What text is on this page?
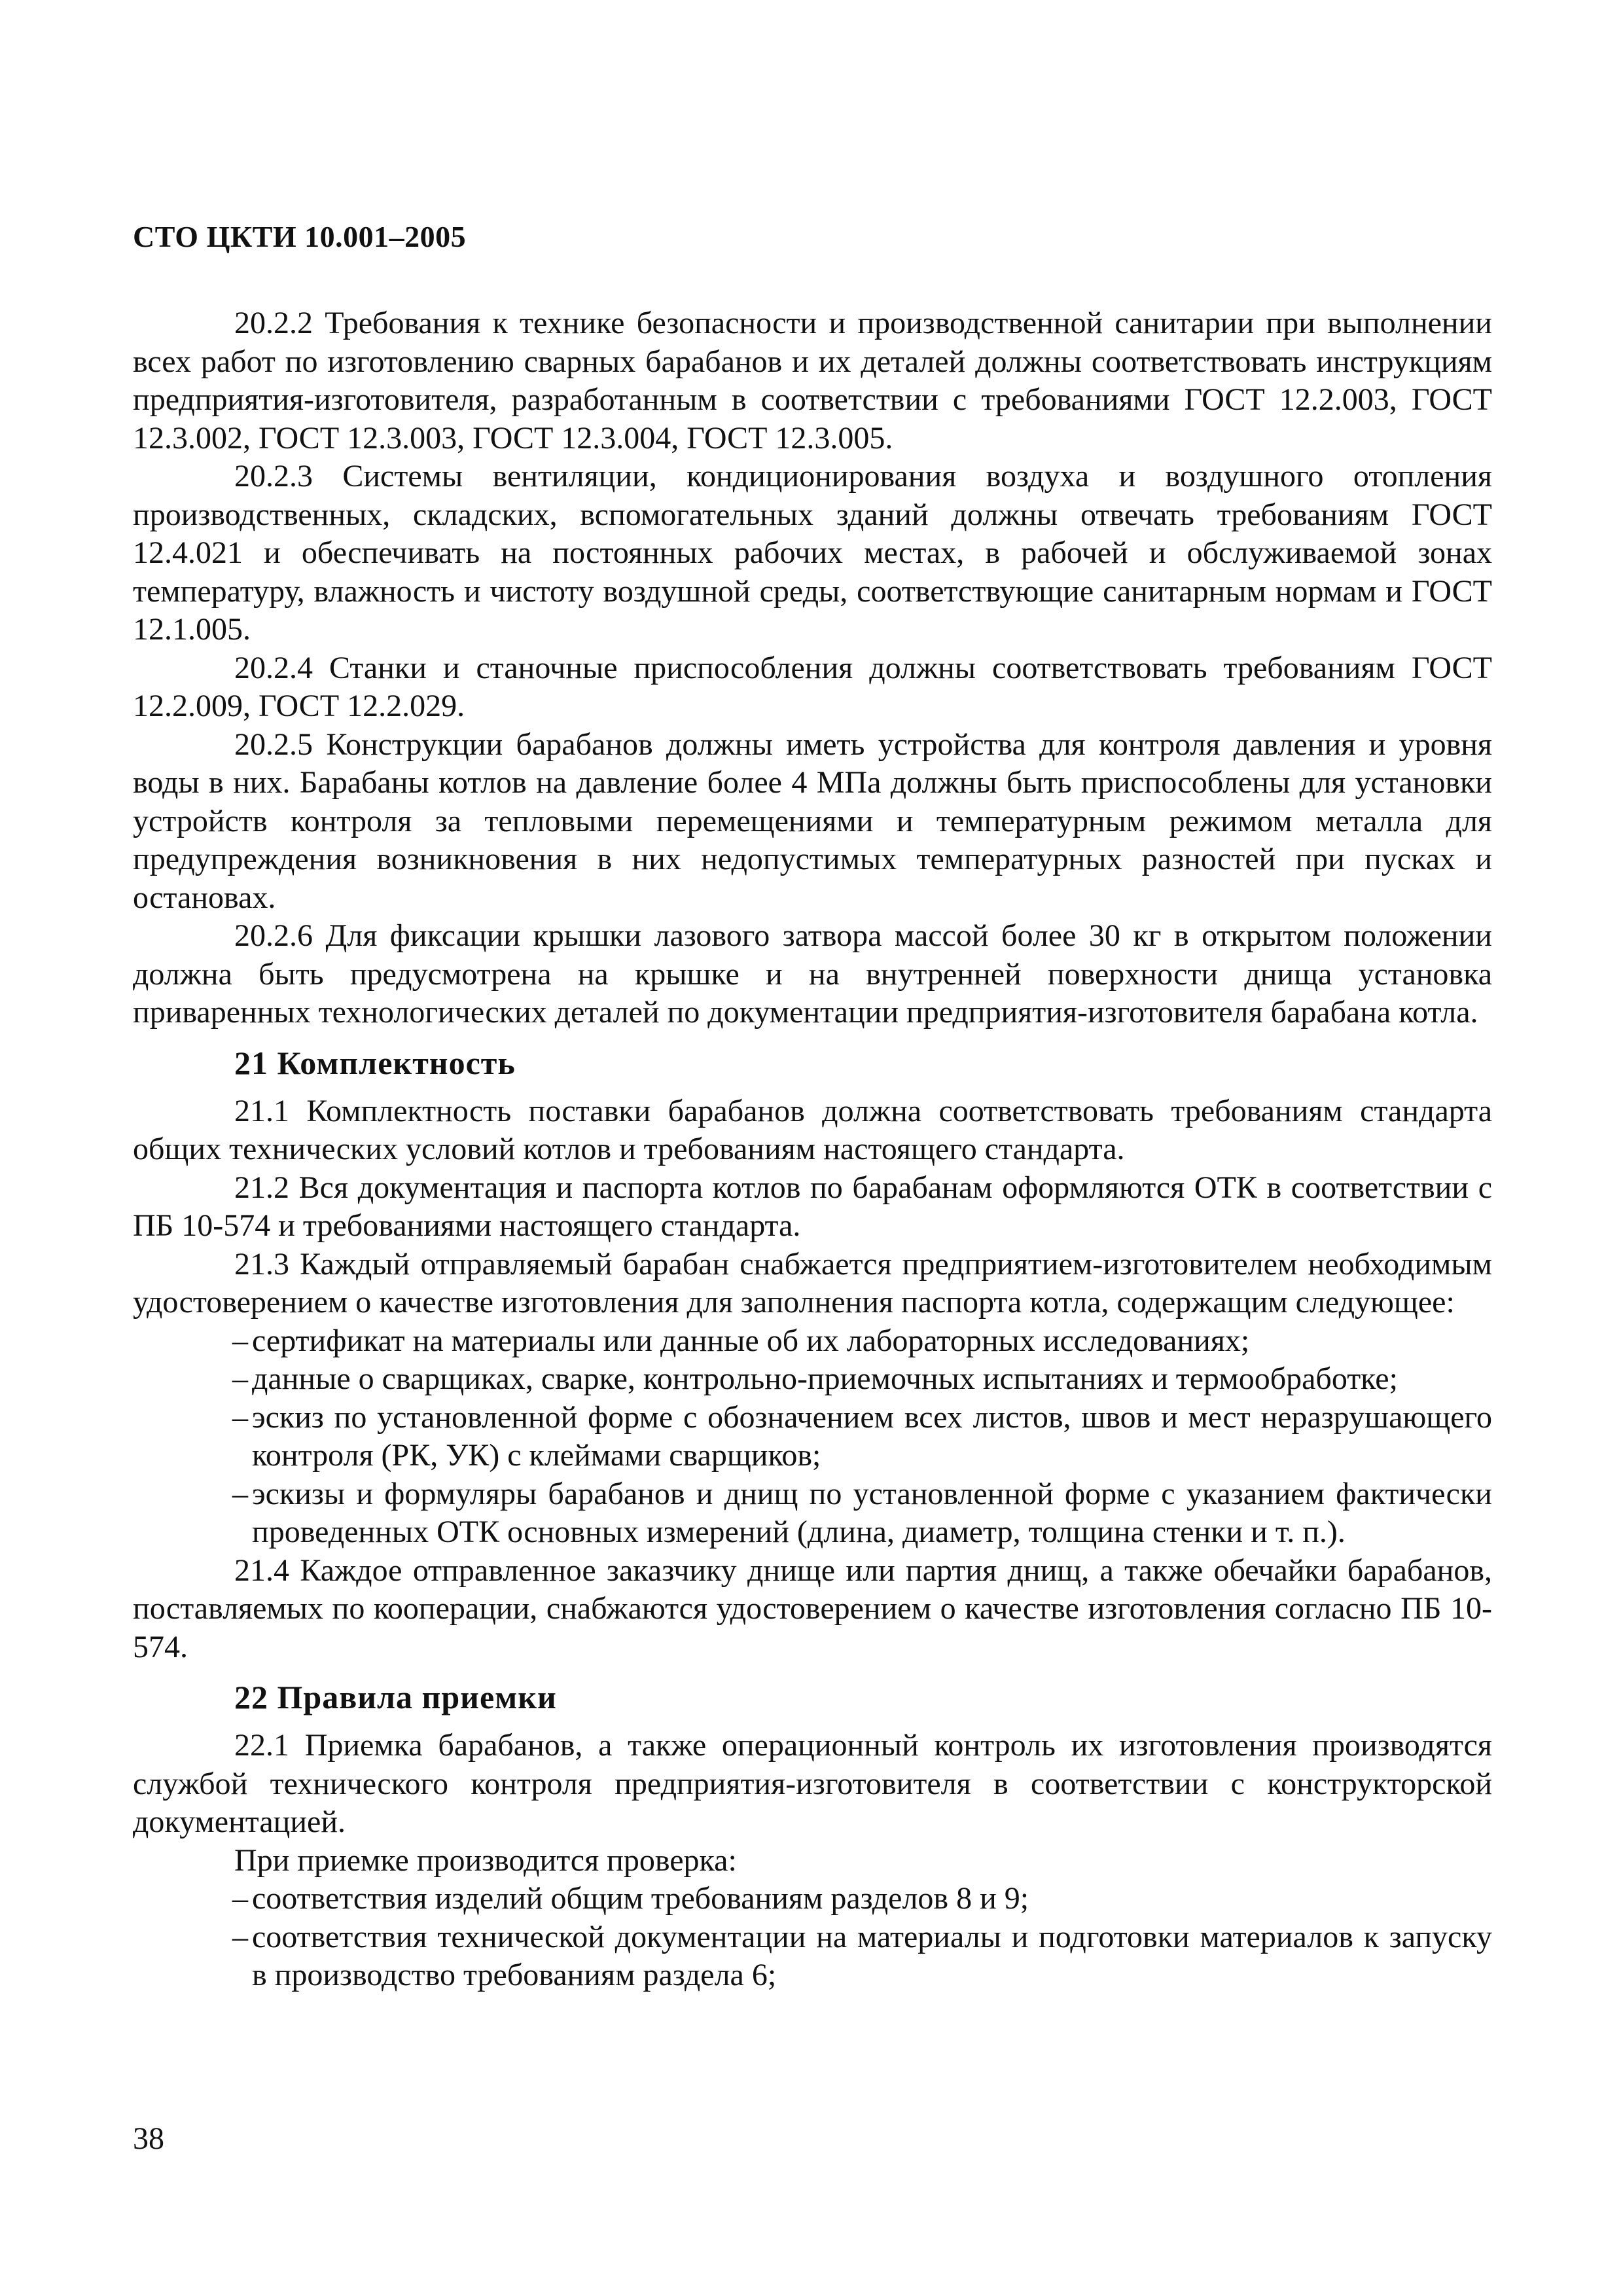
СТО ЦКТИ 10.001–2005

20.2.2 Требования к технике безопасности и производственной санитарии при выполнении всех работ по изготовлению сварных барабанов и их деталей должны соответствовать инструкциям предприятия-изготовителя, разработанным в соответствии с требованиями ГОСТ 12.2.003, ГОСТ 12.3.002, ГОСТ 12.3.003, ГОСТ 12.3.004, ГОСТ 12.3.005.

20.2.3 Системы вентиляции, кондиционирования воздуха и воздушного отопления производственных, складских, вспомогательных зданий должны отвечать требованиям ГОСТ 12.4.021 и обеспечивать на постоянных рабочих местах, в рабочей и обслуживаемой зонах температуру, влажность и чистоту воздушной среды, соответствующие санитарным нормам и ГОСТ 12.1.005.

20.2.4 Станки и станочные приспособления должны соответствовать требованиям ГОСТ 12.2.009, ГОСТ 12.2.029.

20.2.5 Конструкции барабанов должны иметь устройства для контроля давления и уровня воды в них. Барабаны котлов на давление более 4 МПа должны быть приспособлены для установки устройств контроля за тепловыми перемещениями и температурным режимом металла для предупреждения возникновения в них недопустимых температурных разностей при пусках и остановах.

20.2.6 Для фиксации крышки лазового затвора массой более 30 кг в открытом положении должна быть предусмотрена на крышке и на внутренней поверхности днища установка приваренных технологических деталей по документации предприятия-изготовителя барабана котла.

21 Комплектность

21.1 Комплектность поставки барабанов должна соответствовать требованиям стандарта общих технических условий котлов и требованиям настоящего стандарта.

21.2 Вся документация и паспорта котлов по барабанам оформляются ОТК в соответствии с ПБ 10-574 и требованиями настоящего стандарта.

21.3 Каждый отправляемый барабан снабжается предприятием-изготовителем необходимым удостоверением о качестве изготовления для заполнения паспорта котла, содержащим следующее:

– сертификат на материалы или данные об их лабораторных исследованиях;
– данные о сварщиках, сварке, контрольно-приемочных испытаниях и термообработке;
– эскиз по установленной форме с обозначением всех листов, швов и мест неразрушающего контроля (РК, УК) с клеймами сварщиков;
– эскизы и формуляры барабанов и днищ по установленной форме с указанием фактически проведенных ОТК основных измерений (длина, диаметр, толщина стенки и т. п.).

21.4 Каждое отправленное заказчику днище или партия днищ, а также обечайки барабанов, поставляемых по кооперации, снабжаются удостоверением о качестве изготовления согласно ПБ 10-574.

22 Правила приемки

22.1 Приемка барабанов, а также операционный контроль их изготовления производятся службой технического контроля предприятия-изготовителя в соответствии с конструкторской документацией.

При приемке производится проверка:

– соответствия изделий общим требованиям разделов 8 и 9;
– соответствия технической документации на материалы и подготовки материалов к запуску в производство требованиям раздела 6;

38
